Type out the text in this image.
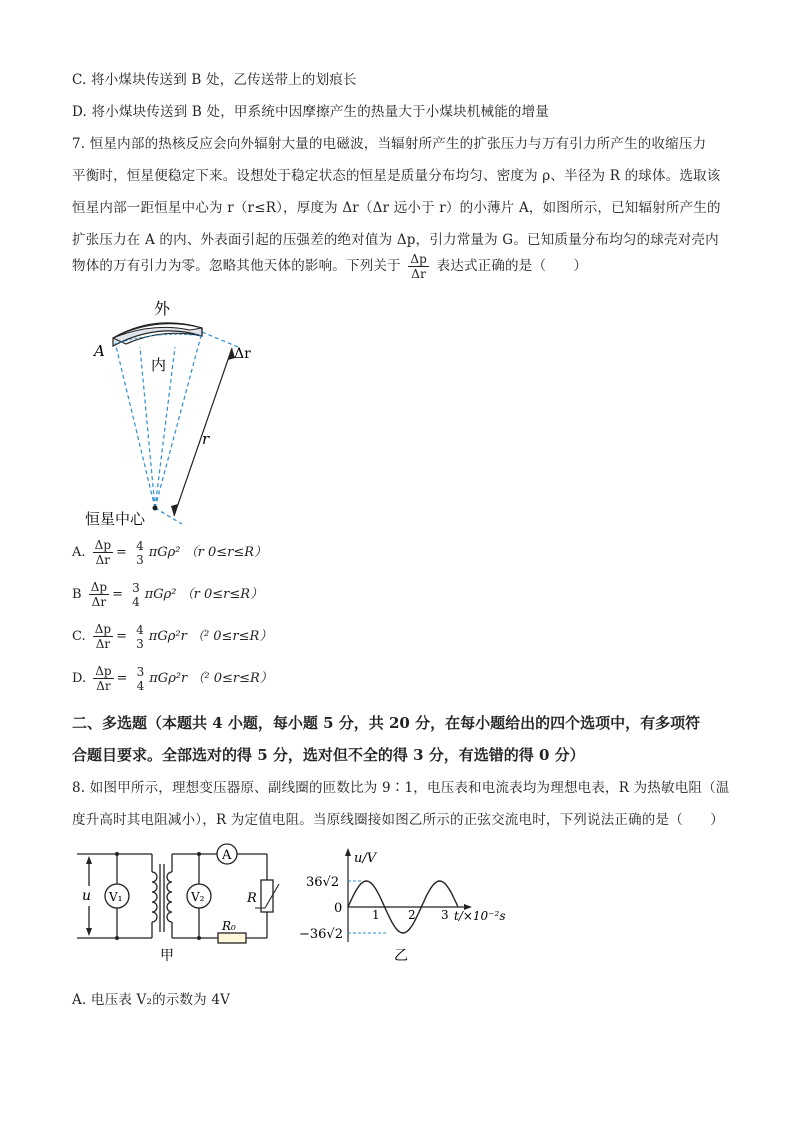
C. 将小煤块传送到 B 处，乙传送带上的划痕长
D. 将小煤块传送到 B 处，甲系统中因摩擦产生的热量大于小煤块机械能的增量
7. 恒星内部的热核反应会向外辐射大量的电磁波，当辐射所产生的扩张压力与万有引力所产生的收缩压力
平衡时，恒星便稳定下来。设想处于稳定状态的恒星是质量分布均匀、密度为 ρ、半径为 R 的球体。选取该
恒星内部一距恒星中心为 r（r≤R），厚度为 Δr（Δr 远小于 r）的小薄片 A，如图所示，已知辐射所产生的
扩张压力在 A 的内、外表面引起的压强差的绝对值为 Δp，引力常量为 G。已知质量分布均匀的球壳对壳内
物体的万有引力为零。忽略其他天体的影响。下列关于 $\frac{\Delta p}{\Delta r}$ 表达式正确的是（　　）
外
内
A	Δr
r
恒星中心
A. $\frac{\Delta p}{\Delta r} = 4$
3 πGρ² （r 0≤r≤R）
B $\frac{\Delta p}{\Delta r} = 3$
4 πGρ² （r 0≤r≤R）
C. $\frac{\Delta p}{\Delta r} = 4$
3 πGρ²r （² 0≤r≤R）
D. $\frac{\Delta p}{\Delta r} = 3$
4 πGρ²r （² 0≤r≤R）
二、多选题（本题共 4 小题，每小题 5 分，共 20 分，在每小题给出的四个选项中，有多项符
合题目要求。全部选对的得 5 分，选对但不全的得 3 分，有选错的得 0 分）
8. 如图甲所示，理想变压器原、副线圈的匝数比为 9∶1，电压表和电流表均为理想电表，R 为热敏电阻（温
度升高时其电阻减小），R 为定值电阻。当原线圈接如图乙所示的正弦交流电时，下列说法正确的是（　　）
u V₁	V₂
A
R
R₀
甲
u/V
36√2
−36√2
0 1 2 3 t/×10⁻²s
乙
A. 电压表 V₂的示数为 4V
